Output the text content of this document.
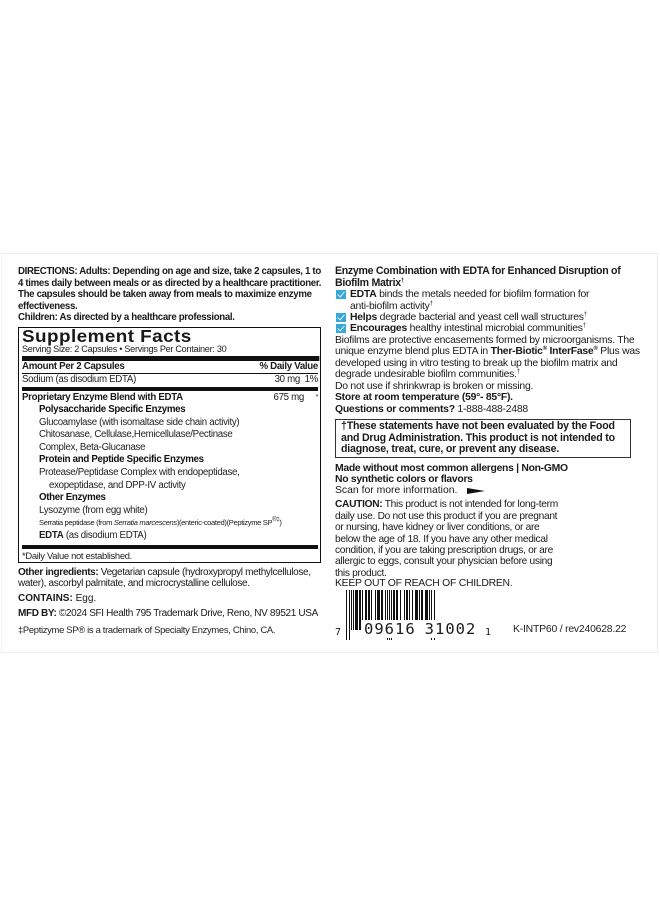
DIRECTIONS: Adults: Depending on age and size, take 2 capsules, 1 to 4 times daily between meals or as directed by a healthcare practitioner. The capsules should be taken away from meals to maximize enzyme effectiveness.
Children: As directed by a healthcare professional.
Supplement Facts
Serving Size: 2 Capsules • Servings Per Container: 30
Amount Per 2 Capsules	% Daily Value
Sodium (as disodium EDTA)	30 mg 1%
Proprietary Enzyme Blend with EDTA	675 mg	*
Polysaccharide Specific Enzymes
Glucoamylase (with isomaltase side chain activity)
Chitosanase, Cellulase,Hemicellulase/Pectinase
Complex, Beta-Glucanase
Protein and Peptide Specific Enzymes
Protease/Peptidase Complex with endopeptidase,
exopeptidase, and DPP-IV activity
Other Enzymes
Lysozyme (from egg white)
Serratia peptidase (from Serratia marcescens)(enteric-coated)(Peptizyme SP®‡)
EDTA (as disodium EDTA)
*Daily Value not established.
Other ingredients: Vegetarian capsule (hydroxypropyl methylcellulose, water), ascorbyl palmitate, and microcrystalline cellulose.
CONTAINS: Egg.
MFD BY: ©2024 SFI Health 795 Trademark Drive, Reno, NV 89521 USA
‡Peptizyme SP® is a trademark of Specialty Enzymes, Chino, CA.
Enzyme Combination with EDTA for Enhanced Disruption of Biofilm Matrix†
EDTA binds the metals needed for biofilm formation for
anti-biofilm activity†
Helps degrade bacterial and yeast cell wall structures†
Encourages healthy intestinal microbial communities†
Biofilms are protective encasements formed by microorganisms. The unique enzyme blend plus EDTA in Ther-Biotic® InterFase® Plus was developed using in vitro testing to break up the biofilm matrix and degrade undesirable biofilm communities.†
Do not use if shrinkwrap is broken or missing.
Store at room temperature (59°- 85°F).
Questions or comments? 1-888-488-2488
†These statements have not been evaluated by the Food and Drug Administration. This product is not intended to diagnose, treat, cure, or prevent any disease.
Made without most common allergens | Non-GMO
No synthetic colors or flavors
Scan for more information.
CAUTION: This product is not intended for long-term daily use. Do not use this product if you are pregnant or nursing, have kidney or liver conditions, or are below the age of 18. If you have any other medical condition, if you are taking prescription drugs, or are allergic to eggs, consult your physician before using this product.
KEEP OUT OF REACH OF CHILDREN.
7 09616 31002 1 K-INTP60 / rev240628.22
